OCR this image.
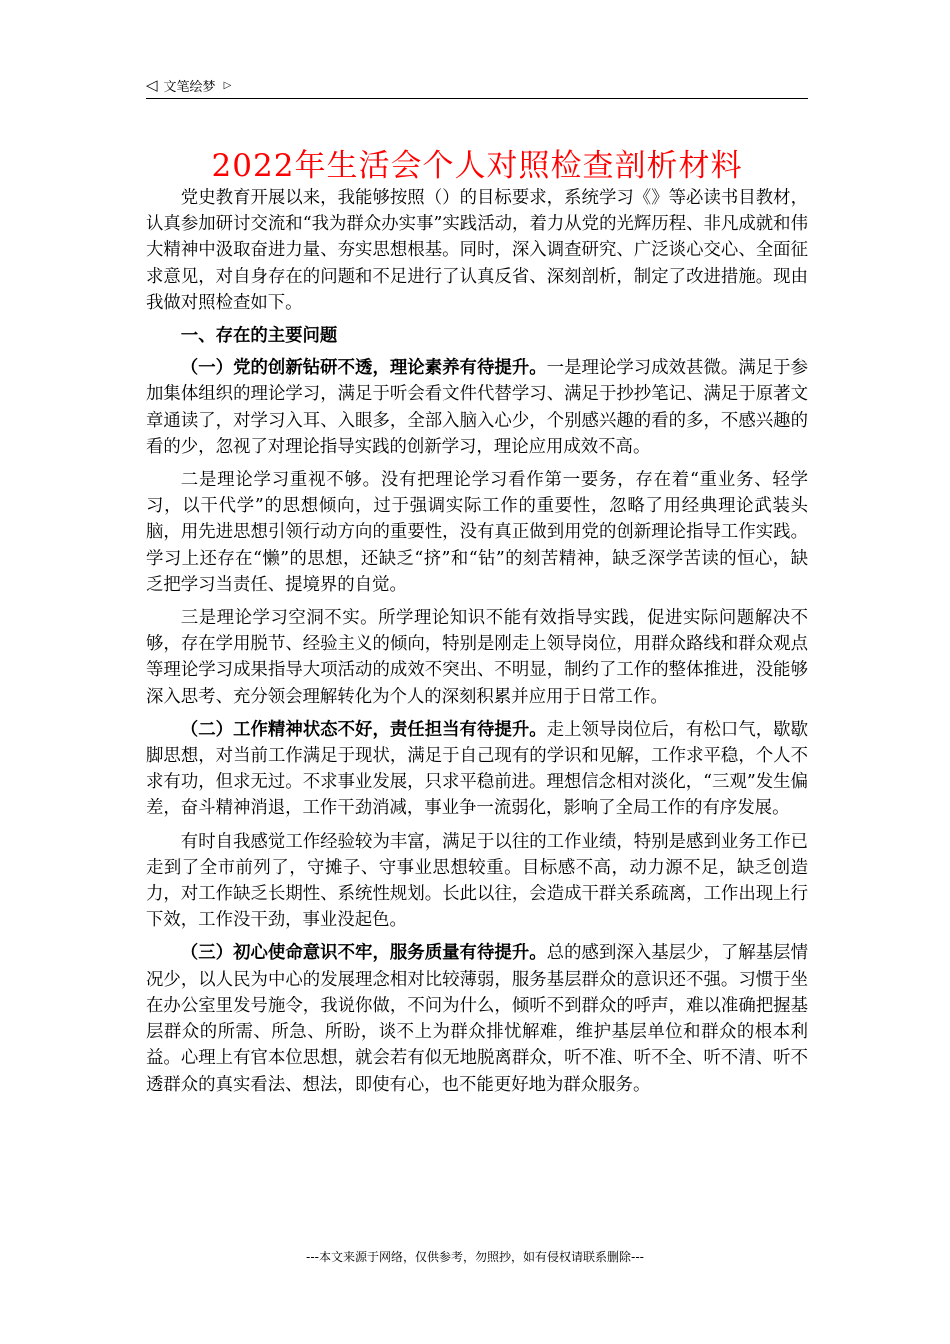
◁ 文笔绘梦 ▷
2022年生活会个人对照检查剖析材料

党史教育开展以来，我能够按照（）的目标要求，系统学习《》等必读书目教材，认真参加研讨交流和“我为群众办实事”实践活动，着力从党的光辉历程、非凡成就和伟大精神中汲取奋进力量、夯实思想根基。同时，深入调查研究、广泛谈心交心、全面征求意见，对自身存在的问题和不足进行了认真反省、深刻剖析，制定了改进措施。现由我做对照检查如下。

一、存在的主要问题

（一）党的创新钻研不透，理论素养有待提升。一是理论学习成效甚微。满足于参加集体组织的理论学习，满足于听会看文件代替学习、满足于抄抄笔记、满足于原著文章通读了，对学习入耳、入眼多，全部入脑入心少，个别感兴趣的看的多，不感兴趣的看的少，忽视了对理论指导实践的创新学习，理论应用成效不高。

二是理论学习重视不够。没有把理论学习看作第一要务，存在着“重业务、轻学习，以干代学”的思想倾向，过于强调实际工作的重要性，忽略了用经典理论武装头脑，用先进思想引领行动方向的重要性，没有真正做到用党的创新理论指导工作实践。学习上还存在“懒”的思想，还缺乏“挤”和“钻”的刻苦精神，缺乏深学苦读的恒心，缺乏把学习当责任、提境界的自觉。

三是理论学习空洞不实。所学理论知识不能有效指导实践，促进实际问题解决不够，存在学用脱节、经验主义的倾向，特别是刚走上领导岗位，用群众路线和群众观点等理论学习成果指导大项活动的成效不突出、不明显，制约了工作的整体推进，没能够深入思考、充分领会理解转化为个人的深刻积累并应用于日常工作。

（二）工作精神状态不好，责任担当有待提升。走上领导岗位后，有松口气，歇歇脚思想，对当前工作满足于现状，满足于自己现有的学识和见解，工作求平稳，个人不求有功，但求无过。不求事业发展，只求平稳前进。理想信念相对淡化，“三观”发生偏差，奋斗精神消退，工作干劲消减，事业争一流弱化，影响了全局工作的有序发展。

有时自我感觉工作经验较为丰富，满足于以往的工作业绩，特别是感到业务工作已走到了全市前列了，守摊子、守事业思想较重。目标感不高，动力源不足，缺乏创造力，对工作缺乏长期性、系统性规划。长此以往，会造成干群关系疏离，工作出现上行下效，工作没干劲，事业没起色。

（三）初心使命意识不牢，服务质量有待提升。总的感到深入基层少，了解基层情况少，以人民为中心的发展理念相对比较薄弱，服务基层群众的意识还不强。习惯于坐在办公室里发号施令，我说你做，不问为什么，倾听不到群众的呼声，难以准确把握基层群众的所需、所急、所盼，谈不上为群众排忧解难，维护基层单位和群众的根本利益。心理上有官本位思想，就会若有似无地脱离群众，听不准、听不全、听不清、听不透群众的真实看法、想法，即使有心，也不能更好地为群众服务。

---本文来源于网络，仅供参考，勿照抄，如有侵权请联系删除---
